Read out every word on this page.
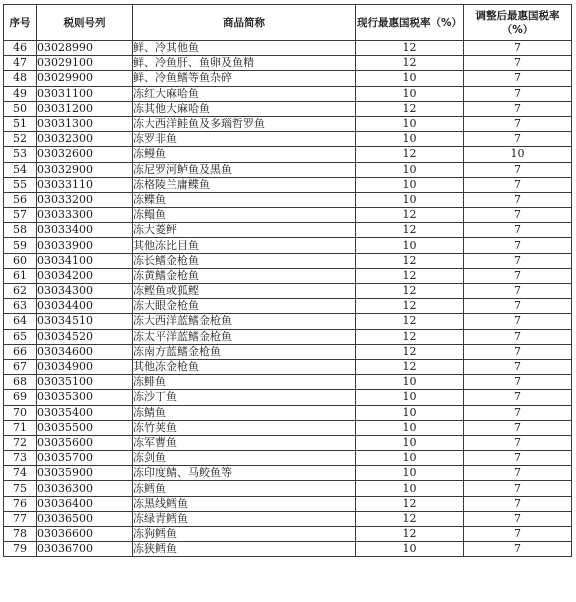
序号	税则号列	商品简称	现行最惠国税率（%）	调整后最惠国税率（%）
46	03028990	鲜、冷其他鱼	12	7
47	03029100	鲜、冷鱼肝、鱼卵及鱼精	12	7
48	03029900	鲜、冷鱼鳍等鱼杂碎	10	7
49	03031100	冻红大麻哈鱼	10	7
50	03031200	冻其他大麻哈鱼	12	7
51	03031300	冻大西洋鲑鱼及多瑙哲罗鱼	10	7
52	03032300	冻罗非鱼	10	7
53	03032600	冻鳗鱼	12	10
54	03032900	冻尼罗河鲈鱼及黑鱼	10	7
55	03033110	冻格陵兰庸鲽鱼	10	7
56	03033200	冻鲽鱼	10	7
57	03033300	冻鳎鱼	12	7
58	03033400	冻大菱鲆	12	7
59	03033900	其他冻比目鱼	10	7
60	03034100	冻长鳍金枪鱼	12	7
61	03034200	冻黄鳍金枪鱼	12	7
62	03034300	冻鲣鱼或狐鲣	12	7
63	03034400	冻大眼金枪鱼	12	7
64	03034510	冻大西洋蓝鳍金枪鱼	12	7
65	03034520	冻太平洋蓝鳍金枪鱼	12	7
66	03034600	冻南方蓝鳍金枪鱼	12	7
67	03034900	其他冻金枪鱼	12	7
68	03035100	冻鲱鱼	10	7
69	03035300	冻沙丁鱼	10	7
70	03035400	冻鲭鱼	10	7
71	03035500	冻竹荚鱼	10	7
72	03035600	冻军曹鱼	10	7
73	03035700	冻剑鱼	10	7
74	03035900	冻印度鲭、马鲛鱼等	10	7
75	03036300	冻鳕鱼	10	7
76	03036400	冻黑线鳕鱼	12	7
77	03036500	冻绿青鳕鱼	12	7
78	03036600	冻狗鳕鱼	12	7
79	03036700	冻狭鳕鱼	10	7
